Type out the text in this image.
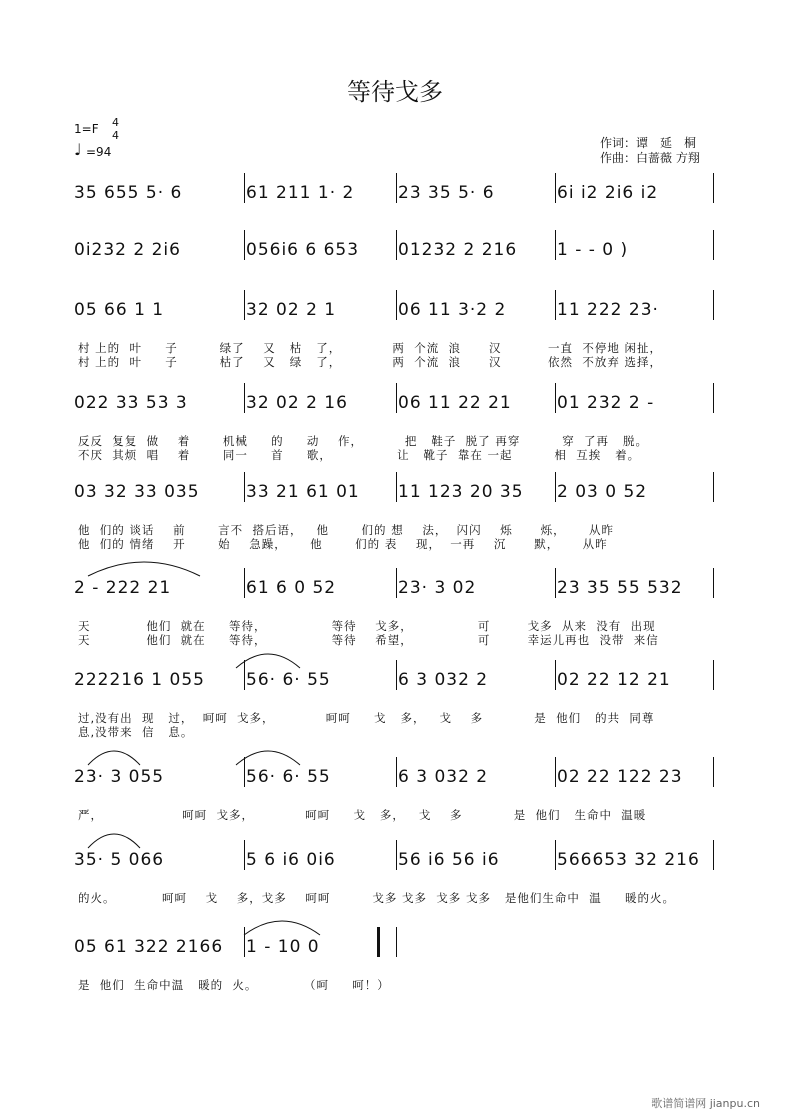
等待戈多
1=F 4
4
♩ =94
作词：谭　延　桐
作曲：白蔷薇 方翔
35 655 5· 6	61 211 1· 2	23 35 5· 6	6i i2 2i6 i2
0i232 2 2i6	056i6 6 653 01232 2 216 1 - - 0 )
05 66 1 1	32 02 2 1	06 11 3·2 2	11 222 23·
村 上的  叶     子         绿了    又   枯   了，           两  个流  浪      汉          一直  不停地 闲扯，
村 上的  叶     子         枯了    又   绿   了，           两  个流  浪      汉          依然  不放弃 选择，
022 33 53 3	32 02 2 16	06 11 22 21	01 232 2 -
反反  复复  做    着       机械     的     动    作，         把   鞋子  脱了 再穿         穿  了再   脱。
不厌  其烦  唱    着       同一     首     歌，              让   靴子  靠在 一起         相  互挨   着。
03 32 33 035	33 21 61 01 11 123 20 35 2 03 0 52
他  们的 谈话    前       言不  搭后语，   他       们的 想    法，  闪闪    烁      烁，     从昨
他  们的 情绪    开       始    急躁，     他       们的 表    现，  一再    沉      默，     从昨
2 - 222 21	61 6 0 52	23· 3 02	23 35 55 532
天            他们  就在     等待，              等待    戈多，              可        戈多  从来  没有  出现
天            他们  就在     等待，              等待    希望，              可        幸运儿再也  没带  来信
222216 1 055 56· 6· 55	6 3 032 2	02 22 12 21
过,没有出  现   过，  呵呵  戈多，           呵呵     戈   多，   戈    多           是  他们   的共  同尊
息,没带来  信   息。
23· 3 055	56· 6· 55	6 3 032 2	02 22 122 23
严，                 呵呵  戈多，           呵呵     戈   多，   戈    多           是  他们   生命中  温暖
35· 5 066	5 6 i6 0i6	56 i6 56 i6	566653 32 216
的火。          呵呵    戈    多，戈多    呵呵         戈多 戈多  戈多 戈多   是他们生命中  温     暖的火。
05 61 322 2166 1 - 10 0
是  他们  生命中温   暖的  火。          （呵     呵！）
歌谱简谱网 jianpu.cn
